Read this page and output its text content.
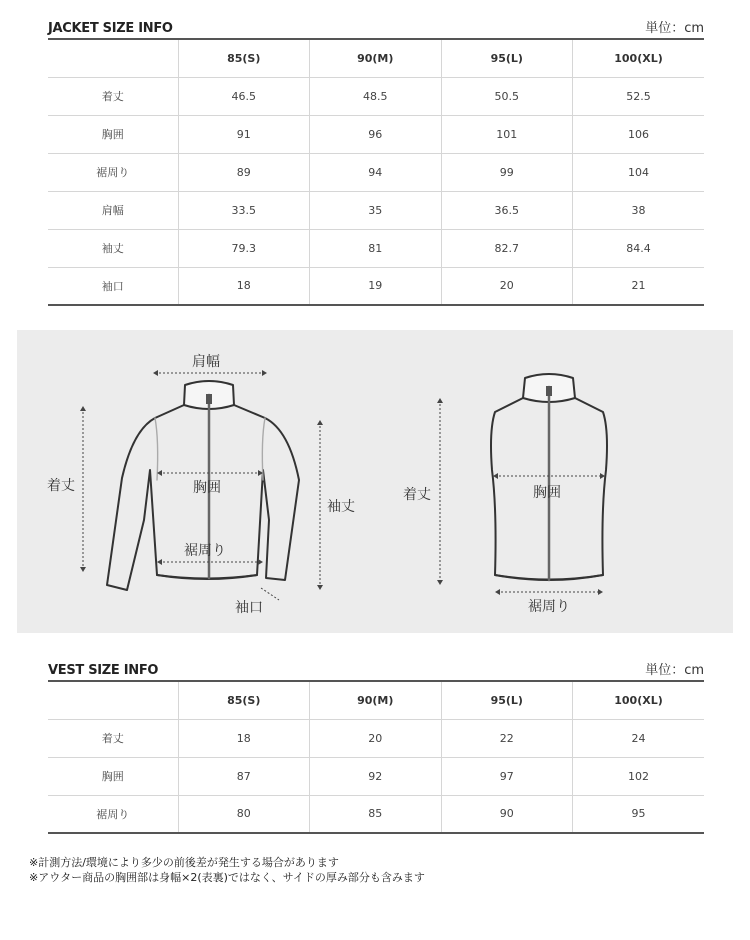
JACKET SIZE INFO	単位：cm
	85(S)	90(M)	95(L)	100(XL)
着丈	46.5	48.5	50.5	52.5
胸囲	91	96	101	106
裾周り	89	94	99	104
肩幅	33.5	35	36.5	38
袖丈	79.3	81	82.7	84.4
袖口	18	19	20	21
肩幅
着丈	胸囲
袖丈
裾周り
袖口
着丈	胸囲
裾周り
VEST SIZE INFO	単位：cm
	85(S)	90(M)	95(L)	100(XL)
着丈	18	20	22	24
胸囲	87	92	97	102
裾周り	80	85	90	95
※計測方法/環境により多少の前後差が発生する場合があります
※アウター商品の胸囲部は身幅×2(表裏)ではなく、サイドの厚み部分も含みます
